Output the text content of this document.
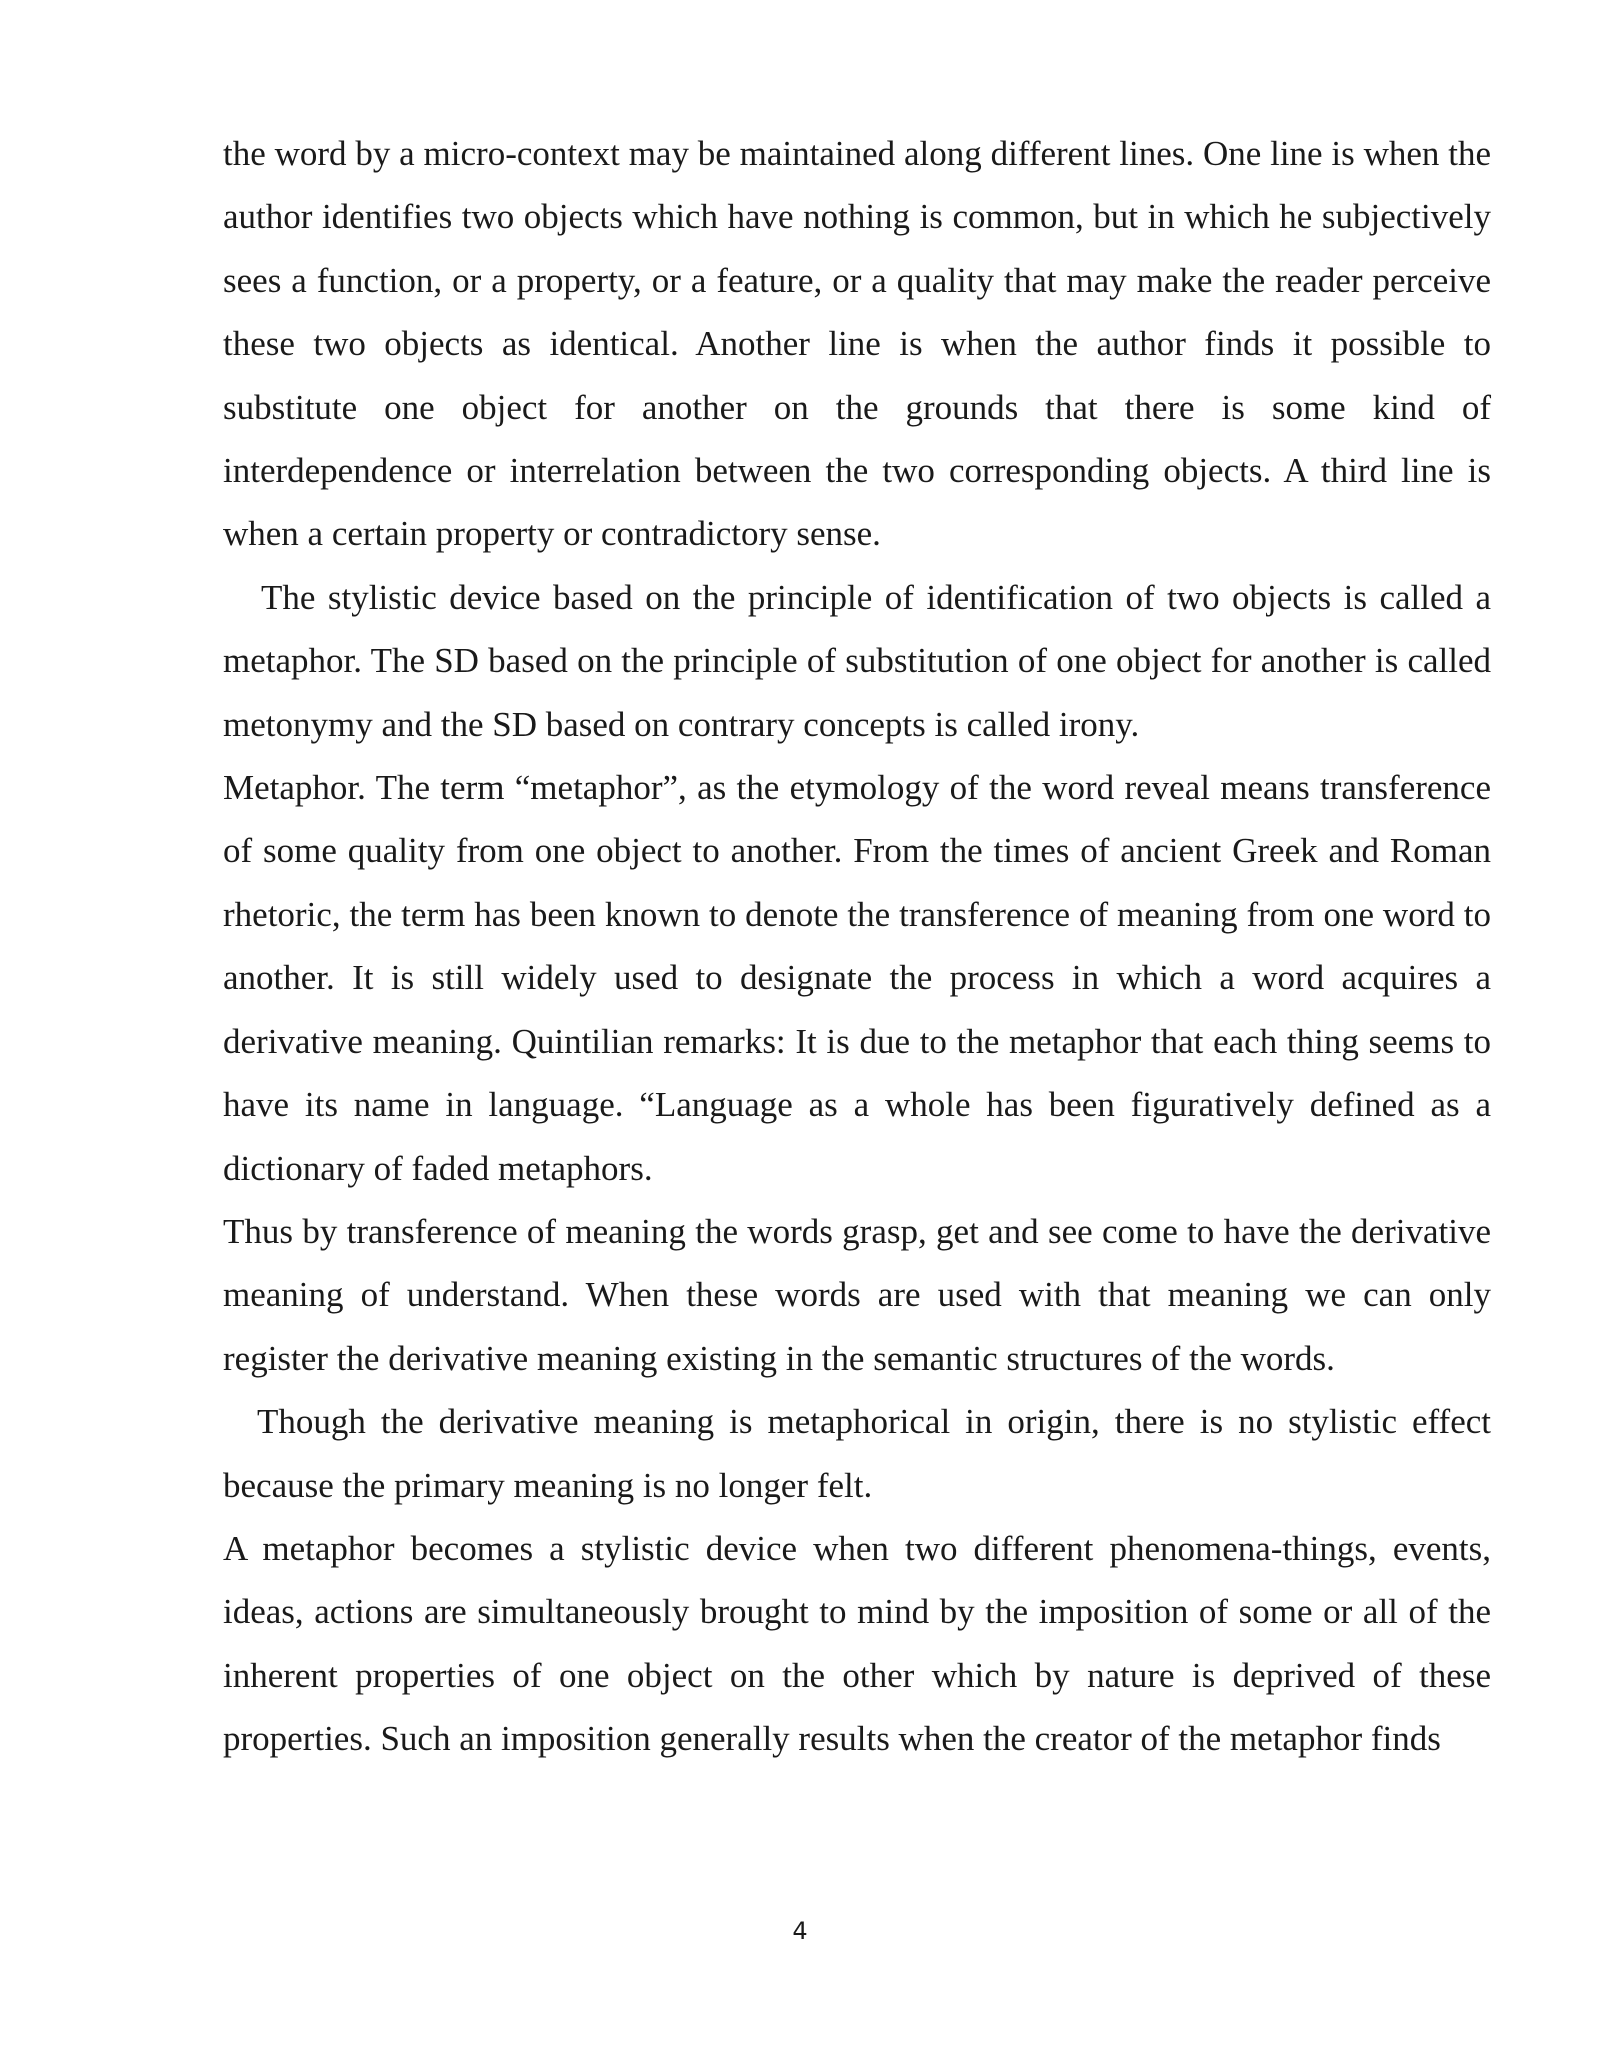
the word by a micro-context may be maintained along different lines. One line is when the author identifies two objects which have nothing is common, but in which he subjectively sees a function, or a property, or a feature, or a quality that may make the reader perceive these two objects as identical. Another line is when the author finds it possible to substitute one object for another on the grounds that there is some kind of interdependence or interrelation between the two corresponding objects. A third line is when a certain property or contradictory sense.

The stylistic device based on the principle of identification of two objects is called a metaphor. The SD based on the principle of substitution of one object for another is called metonymy and the SD based on contrary concepts is called irony.

Metaphor. The term “metaphor”, as the etymology of the word reveal means transference of some quality from one object to another. From the times of ancient Greek and Roman rhetoric, the term has been known to denote the transference of meaning from one word to another. It is still widely used to designate the process in which a word acquires a derivative meaning. Quintilian remarks: It is due to the metaphor that each thing seems to have its name in language. “Language as a whole has been figuratively defined as a dictionary of faded metaphors.

Thus by transference of meaning the words grasp, get and see come to have the derivative meaning of understand. When these words are used with that meaning we can only register the derivative meaning existing in the semantic structures of the words.

Though the derivative meaning is metaphorical in origin, there is no stylistic effect because the primary meaning is no longer felt.

A metaphor becomes a stylistic device when two different phenomena-things, events, ideas, actions are simultaneously brought to mind by the imposition of some or all of the inherent properties of one object on the other which by nature is deprived of these properties. Such an imposition generally results when the creator of the metaphor finds

4
